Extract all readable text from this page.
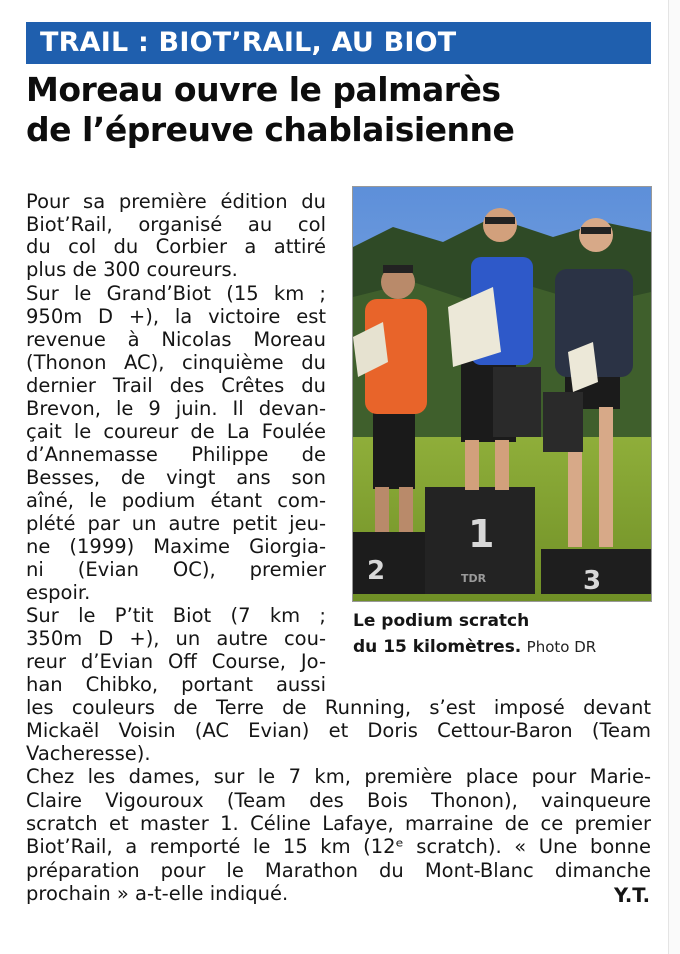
TRAIL : BIOT’RAIL, AU BIOT
Moreau ouvre le palmarès
de l’épreuve chablaisienne
2
1
3
TDR
Le podium scratch
du 15 kilomètres. Photo DR
Pour sa première édition du
Biot’Rail, organisé au col
du col du Corbier a attiré
plus de 300 coureurs.
Sur le Grand’Biot (15 km ;
950m D +), la victoire est
revenue à Nicolas Moreau
(Thonon AC), cinquième du
dernier Trail des Crêtes du
Brevon, le 9 juin. Il devan-
çait le coureur de La Foulée
d’Annemasse Philippe de
Besses, de vingt ans son
aîné, le podium étant com-
plété par un autre petit jeu-
ne (1999) Maxime Giorgia-
ni (Evian OC), premier
espoir.
Sur le P’tit Biot (7 km ;
350m D +), un autre cou-
reur d’Evian Off Course, Jo-
han Chibko, portant aussi
les couleurs de Terre de Running, s’est imposé devant
Mickaël Voisin (AC Evian) et Doris Cettour-Baron (Team
Vacheresse).
Chez les dames, sur le 7 km, première place pour Marie-
Claire Vigouroux (Team des Bois Thonon), vainqueure
scratch et master 1. Céline Lafaye, marraine de ce premier
Biot’Rail, a remporté le 15 km (12ᵉ scratch). « Une bonne
préparation pour le Marathon du Mont-Blanc dimanche
prochain » a-t-elle indiqué.	Y.T.
